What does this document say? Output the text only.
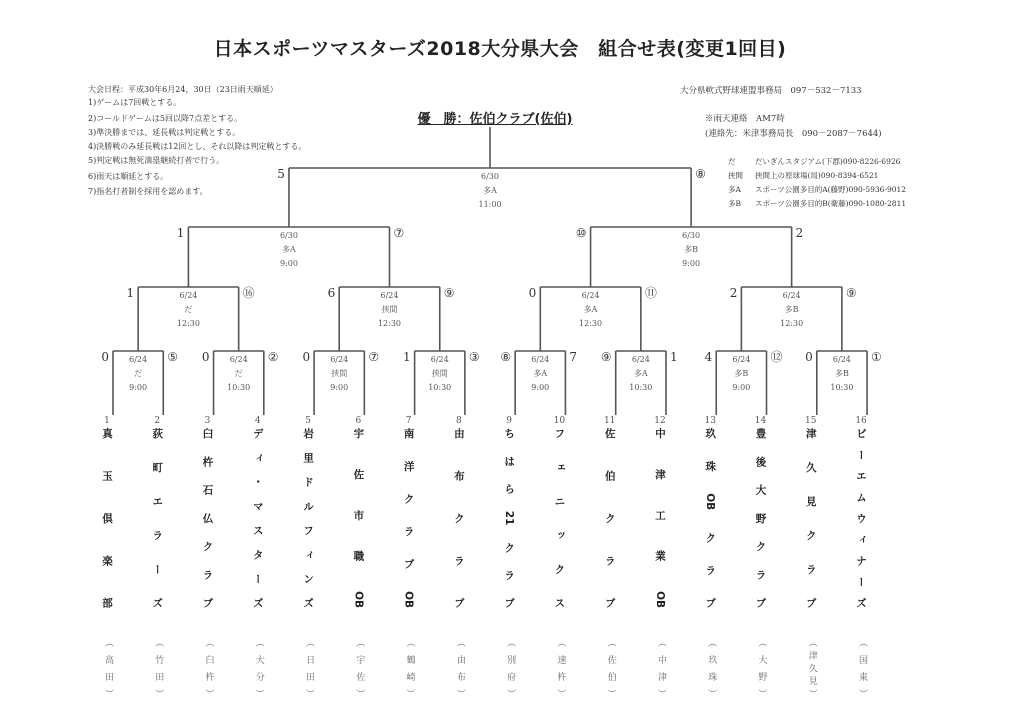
日本スポーツマスターズ2018大分県大会　組合せ表(変更1回目)
大会日程：平成30年6月24，30日（23日雨天順延）
1)ゲームは7回戦とする。
2)コールドゲームは5回以降7点差とする。
3)準決勝までは、延長戦は判定戦とする。
4)決勝戦のみ延長戦は12回とし、それ以降は判定戦とする。
5)判定戦は無死満塁継続打者で行う。
6)雨天は順延とする。
7)指名打者制を採用を認めます。
大分県軟式野球連盟事務局　097－532－7133
※雨天連絡　AM7時
(連絡先：米津事務局長　090－2087－7644)
だ	だいぎんスタジアム(下郡)090-8226-6926
挟間 挟間上の原球場(局)090-8394-6521
多A スポーツ公園多目的A(藤野)090-5936-9012
多B スポーツ公園多目的B(衛藤)090-1080-2811
優　勝：佐伯クラブ(佐伯)
0	⑤
6/24
だ
9:00
0	②
6/24
だ
10:30
0	⑦
6/24
挟間
9:00
1	③
6/24
挟間
10:30
⑧	7
6/24
多A
9:00
⑨	1
6/24
多A
10:30
4	⑫
6/24
多B
9:00
0	①
6/24
多B
10:30
1	⑯
6/24
だ
12:30
6	⑨
6/24
挟間
12:30
0	⑪
6/24
多A
12:30
2	⑨
6/24
多B
12:30
1	⑦
6/30
多A
9:00
⑩	2
6/30
多B
9:00
5	⑧
6/30
多A
11:00
1
真玉倶楽部
（高田）
2
荻町エラーズ
（竹田）
3
臼杵石仏クラブ
（臼杵）
4
ディ・マスターズ
（大分）
5
岩里ドルフィンズ
（日田）
6
宇佐市職ОB
（宇佐）
7
南洋クラブОB
（鶴崎）
8
由布クラブ
（由布）
9
ちはら21クラブ
（別府）
10
フェニックス
（速杵）
11
佐伯クラブ
（佐伯）
12
中津工業ОB
（中津）
13
玖珠ОBクラブ
（玖珠）
14
豊後大野クラブ
（大野）
15
津久見クラブ
（津久見）
16
ビーエムウィナーズ
（国東）
